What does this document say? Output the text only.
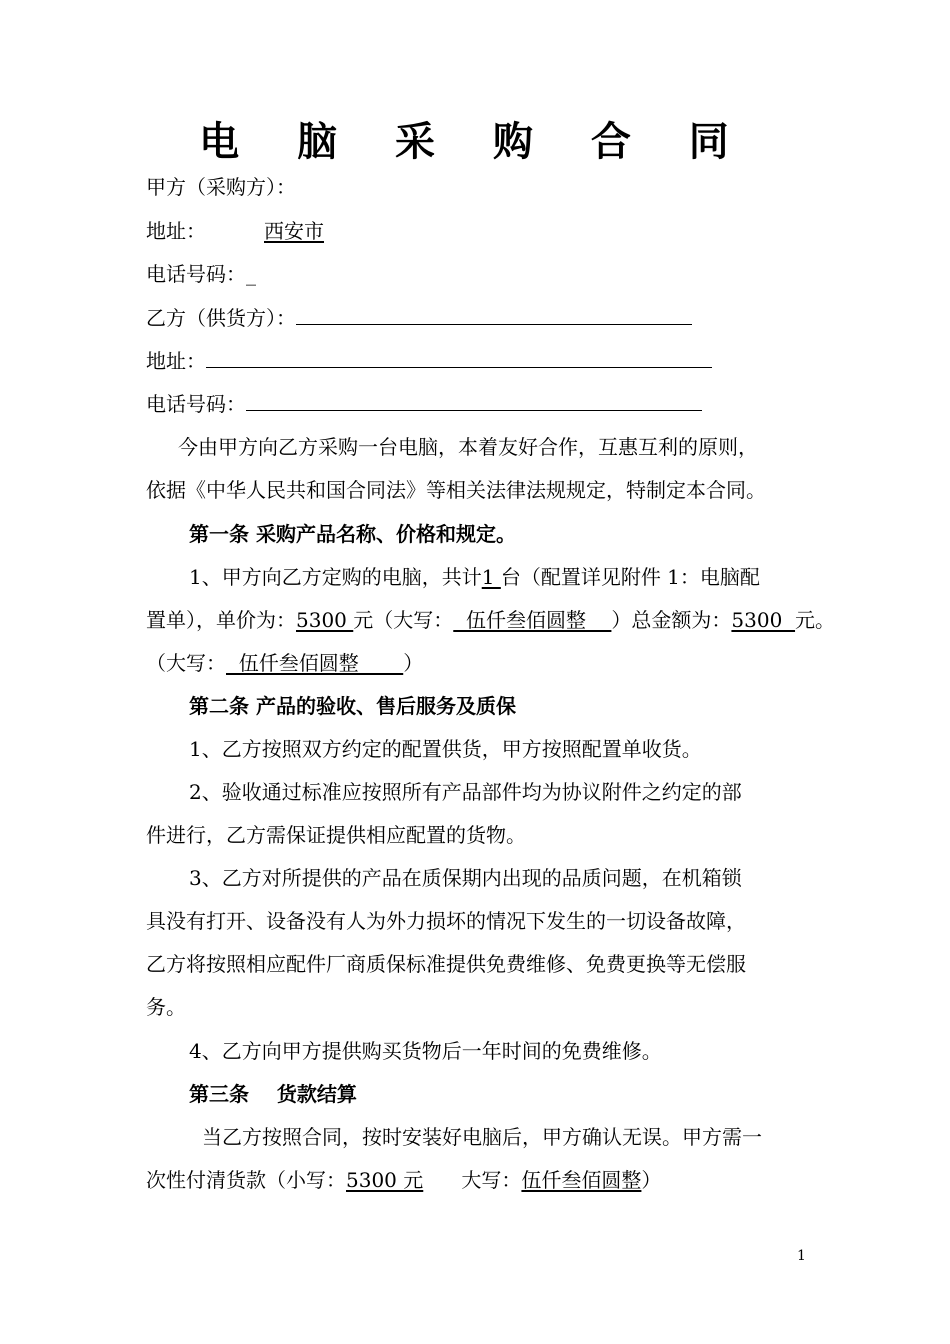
电 脑 采 购 合 同
甲方（采购方）：
地址：	西安市
电话号码：_
乙方（供货方）：
地址：
电话号码：
今由甲方向乙方采购一台电脑，本着友好合作，互惠互利的原则，
依据《中华人民共和国合同法》等相关法律法规规定，特制定本合同。
第一条 采购产品名称、价格和规定。
1、甲方向乙方定购的电脑，共计1 台（配置详见附件 1：电脑配
置单），单价为：5300 元（大写：  伍仟叁佰圆整    ）总金额为：5300  元。
（大写：  伍仟叁佰圆整       ）
第二条 产品的验收、售后服务及质保
1、乙方按照双方约定的配置供货，甲方按照配置单收货。
2、验收通过标准应按照所有产品部件均为协议附件之约定的部
件进行，乙方需保证提供相应配置的货物。
3、乙方对所提供的产品在质保期内出现的品质问题，在机箱锁
具没有打开、设备没有人为外力损坏的情况下发生的一切设备故障，
乙方将按照相应配件厂商质保标准提供免费维修、免费更换等无偿服
务。
4、乙方向甲方提供购买货物后一年时间的免费维修。
第三条    货款结算
当乙方按照合同，按时安装好电脑后，甲方确认无误。甲方需一
次性付清货款（小写：5300 元      大写：伍仟叁佰圆整）
1
